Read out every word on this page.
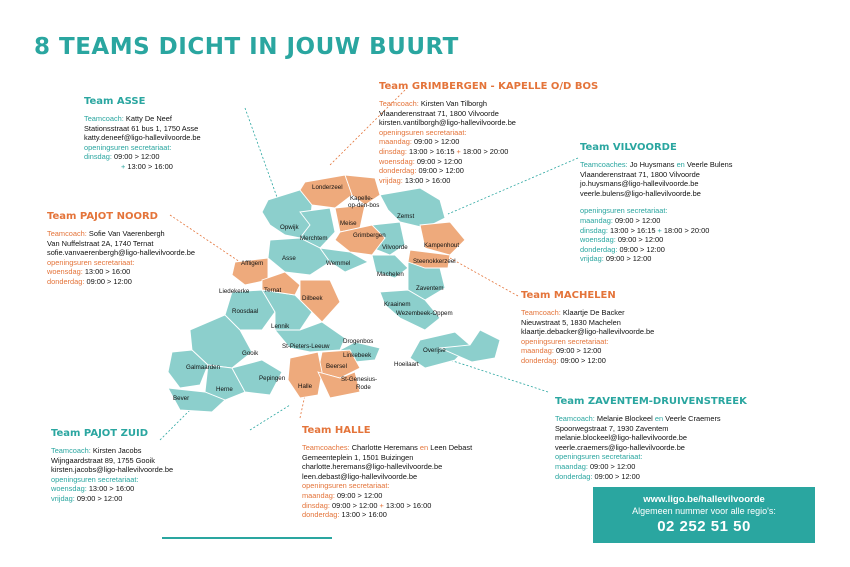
8 TEAMS DICHT IN JOUW BUURT
Londerzeel
Kapelle-
op-den-bos
Meise
Zemst
Grimbergen
Opwijk
Merchtem
Vilvoorde	Kampenhout
Steenokkerzeel
Wemmel
Asse
Affligem
Machelen
Zaventem
Liedekerke Ternat
Dilbeek
Kraainem
Wezembeek-Oppem
Roosdaal
Lennik
Drogenbos
St-Pieters-Leeuw
Linkebeek
Gooik
Galmaarden
Herne
Pepingen
Beersel
Halle
St-Genesius-
Rode
Hoeilaart
Overijse
Bever
Team ASSE
Teamcoach: Katty De Neef
Stationsstraat 61 bus 1, 1750 Asse
katty.deneef@ligo-hallevilvoorde.be
openingsuren secretariaat:
dinsdag: 09:00 > 12:00
+ 13:00 > 16:00
Team GRIMBERGEN - KAPELLE O/D BOS
Teamcoach: Kirsten Van Tilborgh
Vlaanderenstraat 71, 1800 Vilvoorde
kirsten.vantilborgh@ligo-hallevilvoorde.be
openingsuren secretariaat:
maandag: 09:00 > 12:00
dinsdag: 13:00 > 16:15 + 18:00 > 20:00
woensdag: 09:00 > 12:00
donderdag: 09:00 > 12:00
vrijdag: 13:00 > 16:00
Team VILVOORDE
Teamcoaches: Jo Huysmans en Veerle Bulens
Vlaanderenstraat 71, 1800 Vilvoorde
jo.huysmans@ligo-hallevilvoorde.be
veerle.bulens@ligo-hallevilvoorde.be
openingsuren secretariaat:
maandag: 09:00 > 12:00
dinsdag: 13:00 > 16:15 + 18:00 > 20:00
woensdag: 09:00 > 12:00
donderdag: 09:00 > 12:00
vrijdag: 09:00 > 12:00
Team PAJOT NOORD
Teamcoach: Sofie Van Vaerenbergh
Van Nuffelstraat 2A, 1740 Ternat
sofie.vanvaerenbergh@ligo-hallevilvoorde.be
openingsuren secretariaat:
woensdag: 13:00 > 16:00
donderdag: 09:00 > 12:00
Team MACHELEN
Teamcoach: Klaartje De Backer
Nieuwstraat 5, 1830 Machelen
klaartje.debacker@ligo-hallevilvoorde.be
openingsuren secretariaat:
maandag: 09:00 > 12:00
donderdag: 09:00 > 12:00
Team ZAVENTEM-DRUIVENSTREEK
Teamcoach: Melanie Blockeel en Veerle Craemers
Spoorwegstraat 7, 1930 Zaventem
melanie.blockeel@ligo-hallevilvoorde.be
veerle.craemers@ligo-hallevilvoorde.be
openingsuren secretariaat:
maandag: 09:00 > 12:00
donderdag: 09:00 > 12:00
Team PAJOT ZUID
Teamcoach: Kirsten Jacobs
Wijngaardstraat 89, 1755 Gooik
kirsten.jacobs@ligo-hallevilvoorde.be
openingsuren secretariaat:
woensdag: 13:00 > 16:00
vrijdag: 09:00 > 12:00
Team HALLE
Teamcoaches: Charlotte Heremans en Leen Debast
Gemeenteplein 1, 1501 Buizingen
charlotte.heremans@ligo-hallevilvoorde.be
leen.debast@ligo-hallevilvoorde.be
openingsuren secretariaat:
maandag: 09:00 > 12:00
dinsdag: 09:00 > 12:00 + 13:00 > 16:00
donderdag: 13:00 > 16:00
www.ligo.be/hallevilvoorde
Algemeen nummer voor alle regio's:
02 252 51 50
